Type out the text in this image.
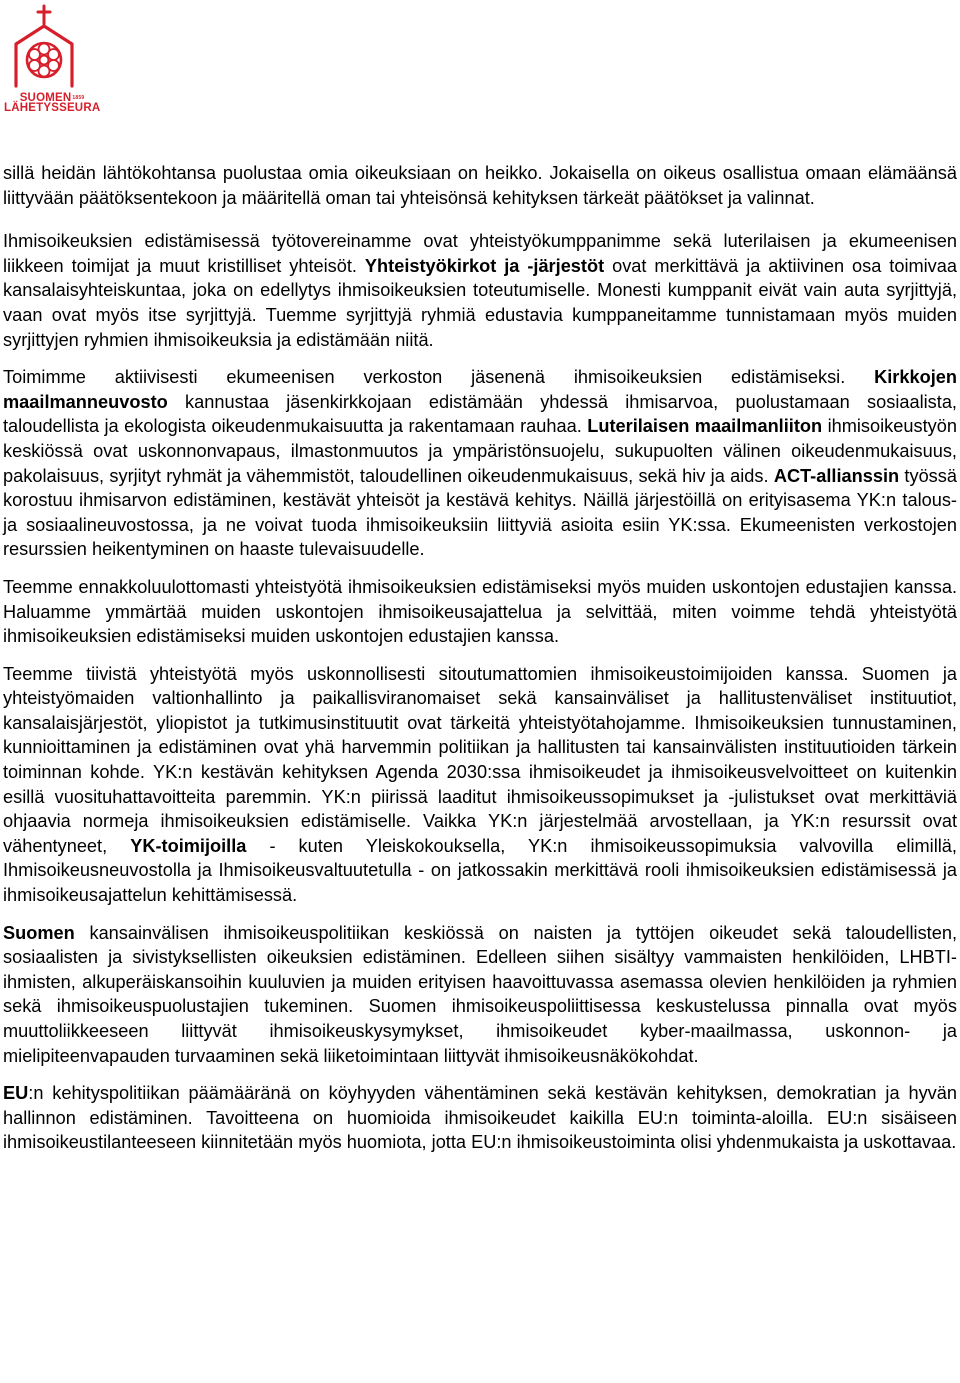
$SUOMEN^{1859}$
LÄHETYSSEURA

sillä heidän lähtökohtansa puolustaa omia oikeuksiaan on heikko. Jokaisella on oikeus osallistua omaan elämäänsä liittyvään päätöksentekoon ja määritellä oman tai yhteisönsä kehityksen tärkeät päätökset ja valinnat.

Ihmisoikeuksien edistämisessä työtovereinamme ovat yhteistyökumppanimme sekä luterilaisen ja ekumeenisen liikkeen toimijat ja muut kristilliset yhteisöt. Yhteistyökirkot ja -järjestöt ovat merkittävä ja aktiivinen osa toimivaa kansalaisyhteiskuntaa, joka on edellytys ihmisoikeuksien toteutumiselle. Monesti kumppanit eivät vain auta syrjittyjä, vaan ovat myös itse syrjittyjä. Tuemme syrjittyjä ryhmiä edustavia kumppaneitamme tunnistamaan myös muiden syrjittyjen ryhmien ihmisoikeuksia ja edistämään niitä.

Toimimme aktiivisesti ekumeenisen verkoston jäsenenä ihmisoikeuksien edistämiseksi. Kirkkojen maailmanneuvosto kannustaa jäsenkirkkojaan edistämään yhdessä ihmisarvoa, puolustamaan sosiaalista, taloudellista ja ekologista oikeudenmukaisuutta ja rakentamaan rauhaa. Luterilaisen maailmanliiton ihmisoikeustyön keskiössä ovat uskonnonvapaus, ilmastonmuutos ja ympäristönsuojelu, sukupuolten välinen oikeudenmukaisuus, pakolaisuus, syrjityt ryhmät ja vähemmistöt, taloudellinen oikeudenmukaisuus, sekä hiv ja aids. ACT-allianssin työssä korostuu ihmisarvon edistäminen, kestävät yhteisöt ja kestävä kehitys. Näillä järjestöillä on erityisasema YK:n talous- ja sosiaalineuvostossa, ja ne voivat tuoda ihmisoikeuksiin liittyviä asioita esiin YK:ssa. Ekumeenisten verkostojen resurssien heikentyminen on haaste tulevaisuudelle.

Teemme ennakkoluulottomasti yhteistyötä ihmisoikeuksien edistämiseksi myös muiden uskontojen edustajien kanssa. Haluamme ymmärtää muiden uskontojen ihmisoikeusajattelua ja selvittää, miten voimme tehdä yhteistyötä ihmisoikeuksien edistämiseksi muiden uskontojen edustajien kanssa.

Teemme tiivistä yhteistyötä myös uskonnollisesti sitoutumattomien ihmisoikeustoimijoiden kanssa. Suomen ja yhteistyömaiden valtionhallinto ja paikallisviranomaiset sekä kansainväliset ja hallitustenväliset instituutiot, kansalaisjärjestöt, yliopistot ja tutkimusinstituutit ovat tärkeitä yhteistyötahojamme. Ihmisoikeuksien tunnustaminen, kunnioittaminen ja edistäminen ovat yhä harvemmin politiikan ja hallitusten tai kansainvälisten instituutioiden tärkein toiminnan kohde. YK:n kestävän kehityksen Agenda 2030:ssa ihmisoikeudet ja ihmisoikeusvelvoitteet on kuitenkin esillä vuosituhattavoitteita paremmin. YK:n piirissä laaditut ihmisoikeussopimukset ja -julistukset ovat merkittäviä ohjaavia normeja ihmisoikeuksien edistämiselle. Vaikka YK:n järjestelmää arvostellaan, ja YK:n resurssit ovat vähentyneet, YK-toimijoilla - kuten Yleiskokouksella, YK:n ihmisoikeussopimuksia valvovilla elimillä, Ihmisoikeusneuvostolla ja Ihmisoikeusvaltuutetulla - on jatkossakin merkittävä rooli ihmisoikeuksien edistämisessä ja ihmisoikeusajattelun kehittämisessä.

Suomen kansainvälisen ihmisoikeuspolitiikan keskiössä on naisten ja tyttöjen oikeudet sekä taloudellisten, sosiaalisten ja sivistyksellisten oikeuksien edistäminen. Edelleen siihen sisältyy vammaisten henkilöiden, LHBTI-ihmisten, alkuperäiskansoihin kuuluvien ja muiden erityisen haavoittuvassa asemassa olevien henkilöiden ja ryhmien sekä ihmisoikeuspuolustajien tukeminen. Suomen ihmisoikeuspoliittisessa keskustelussa pinnalla ovat myös muuttoliikkeeseen liittyvät ihmisoikeuskysymykset, ihmisoikeudet kyber-maailmassa, uskonnon- ja mielipiteenvapauden turvaaminen sekä liiketoimintaan liittyvät ihmisoikeusnäkökohdat.

EU:n kehityspolitiikan päämääränä on köyhyyden vähentäminen sekä kestävän kehityksen, demokratian ja hyvän hallinnon edistäminen. Tavoitteena on huomioida ihmisoikeudet kaikilla EU:n toiminta-aloilla. EU:n sisäiseen ihmisoikeustilanteeseen kiinnitetään myös huomiota, jotta EU:n ihmisoikeustoiminta olisi yhdenmukaista ja uskottavaa.
